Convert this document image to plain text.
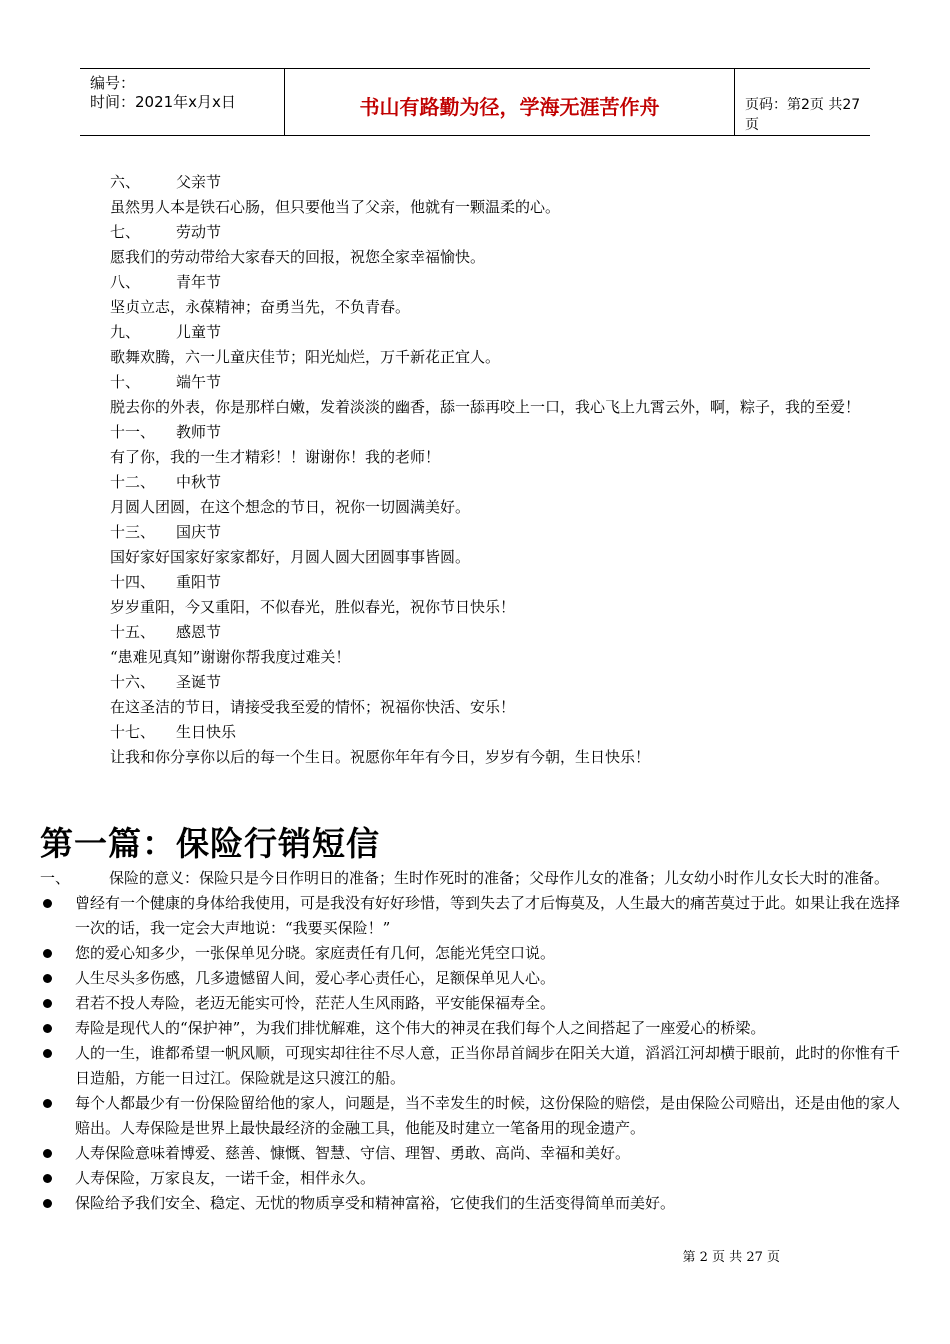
编号：
时间：2021年x月x日	书山有路勤为径，学海无涯苦作舟	页码：第2页 共27页
六、 父亲节
虽然男人本是铁石心肠，但只要他当了父亲，他就有一颗温柔的心。
七、 劳动节
愿我们的劳动带给大家春天的回报，祝您全家幸福愉快。
八、 青年节
坚贞立志，永葆精神；奋勇当先，不负青春。
九、 儿童节
歌舞欢腾，六一儿童庆佳节；阳光灿烂，万千新花正宜人。
十、 端午节
脱去你的外表，你是那样白嫩，发着淡淡的幽香，舔一舔再咬上一口，我心飞上九霄云外，啊，粽子，我的至爱！
十一、 教师节
有了你，我的一生才精彩！！谢谢你！我的老师！
十二、 中秋节
月圆人团圆，在这个想念的节日，祝你一切圆满美好。
十三、 国庆节
国好家好国家好家家都好，月圆人圆大团圆事事皆圆。
十四、 重阳节
岁岁重阳，今又重阳，不似春光，胜似春光，祝你节日快乐！
十五、 感恩节
“患难见真知”谢谢你帮我度过难关！
十六、 圣诞节
在这圣洁的节日，请接受我至爱的情怀；祝福你快活、安乐！
十七、 生日快乐
让我和你分享你以后的每一个生日。祝愿你年年有今日，岁岁有今朝，生日快乐！
第一篇：保险行销短信
一、	保险的意义：保险只是今日作明日的准备；生时作死时的准备；父母作儿女的准备；儿女幼小时作儿女长大时的准备。
曾经有一个健康的身体给我使用，可是我没有好好珍惜，等到失去了才后悔莫及，人生最大的痛苦莫过于此。如果让我在选择一次的话，我一定会大声地说：“我要买保险！”
您的爱心知多少，一张保单见分晓。家庭责任有几何，怎能光凭空口说。
人生尽头多伤感，几多遗憾留人间，爱心孝心责任心，足额保单见人心。
君若不投人寿险，老迈无能实可怜，茫茫人生风雨路，平安能保福寿全。
寿险是现代人的“保护神”，为我们排忧解难，这个伟大的神灵在我们每个人之间搭起了一座爱心的桥梁。
人的一生，谁都希望一帆风顺，可现实却往往不尽人意，正当你昂首阔步在阳关大道，滔滔江河却横于眼前，此时的你惟有千日造船，方能一日过江。保险就是这只渡江的船。
每个人都最少有一份保险留给他的家人，问题是，当不幸发生的时候，这份保险的赔偿，是由保险公司赔出，还是由他的家人赔出。人寿保险是世界上最快最经济的金融工具，他能及时建立一笔备用的现金遗产。
人寿保险意味着博爱、慈善、慷慨、智慧、守信、理智、勇敢、高尚、幸福和美好。
人寿保险，万家良友，一诺千金，相伴永久。
保险给予我们安全、稳定、无忧的物质享受和精神富裕，它使我们的生活变得简单而美好。
第 2 页 共 27 页
